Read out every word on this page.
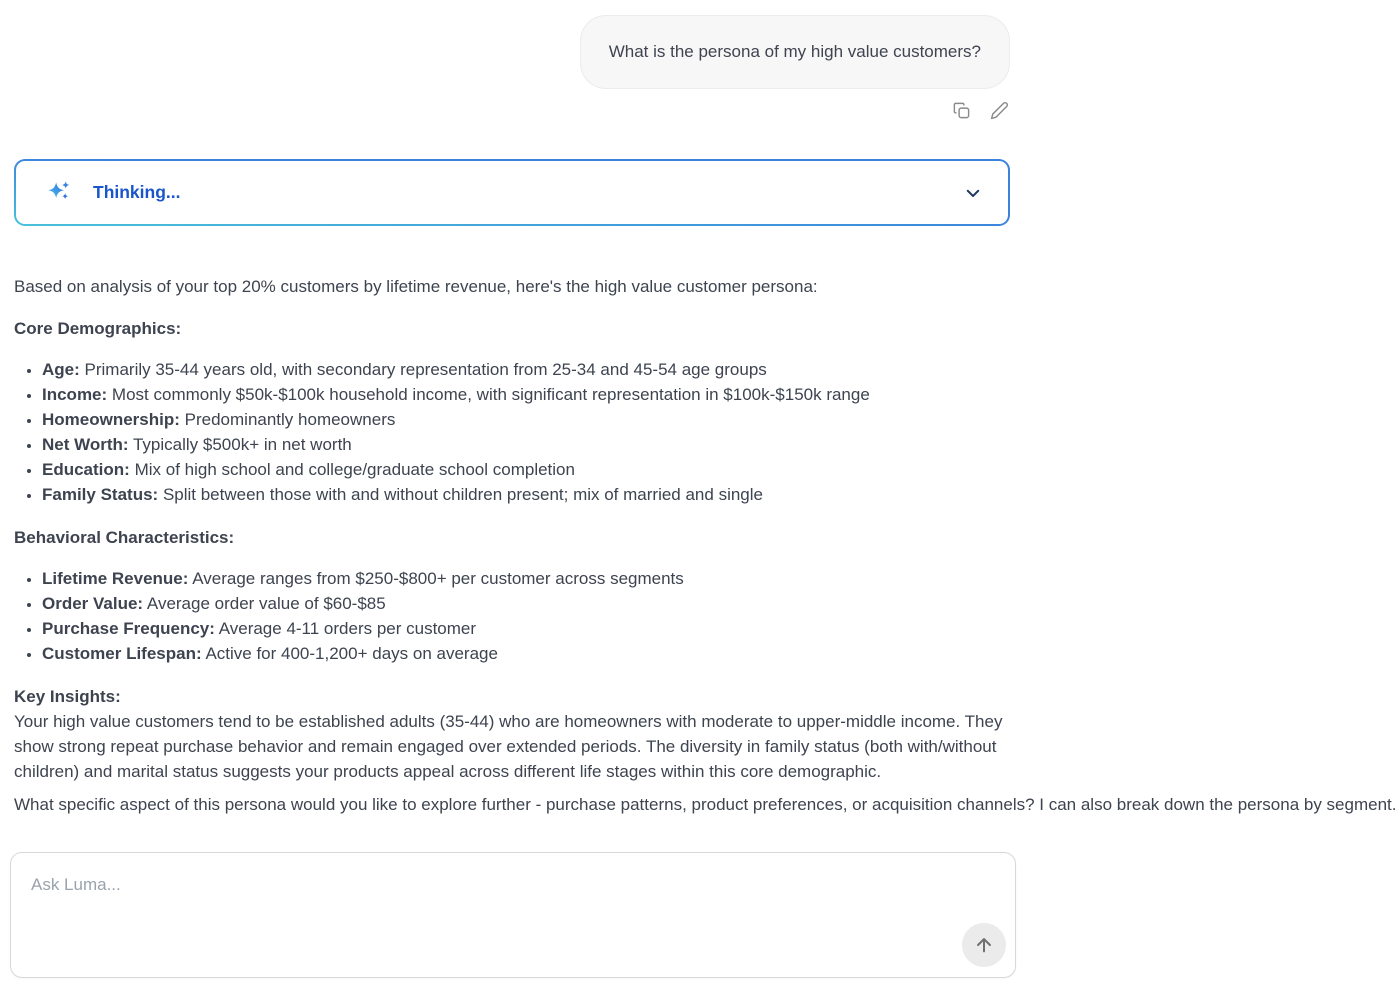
What is the persona of my high value customers?
Thinking...

Based on analysis of your top 20% customers by lifetime revenue, here's the high value customer persona:

Core Demographics:

• Age: Primarily 35-44 years old, with secondary representation from 25-34 and 45-54 age groups
• Income: Most commonly $50k-$100k household income, with significant representation in $100k-$150k range
• Homeownership: Predominantly homeowners
• Net Worth: Typically $500k+ in net worth
• Education: Mix of high school and college/graduate school completion
• Family Status: Split between those with and without children present; mix of married and single

Behavioral Characteristics:

• Lifetime Revenue: Average ranges from $250-$800+ per customer across segments
• Order Value: Average order value of $60-$85
• Purchase Frequency: Average 4-11 orders per customer
• Customer Lifespan: Active for 400-1,200+ days on average
Key Insights:
Your high value customers tend to be established adults (35-44) who are homeowners with moderate to upper-middle income. They show strong repeat purchase behavior and remain engaged over extended periods. The diversity in family status (both with/without children) and marital status suggests your products appeal across different life stages within this core demographic.
What specific aspect of this persona would you like to explore further - purchase patterns, product preferences, or acquisition channels? I can also break down the persona by segment.
Ask Luma...
